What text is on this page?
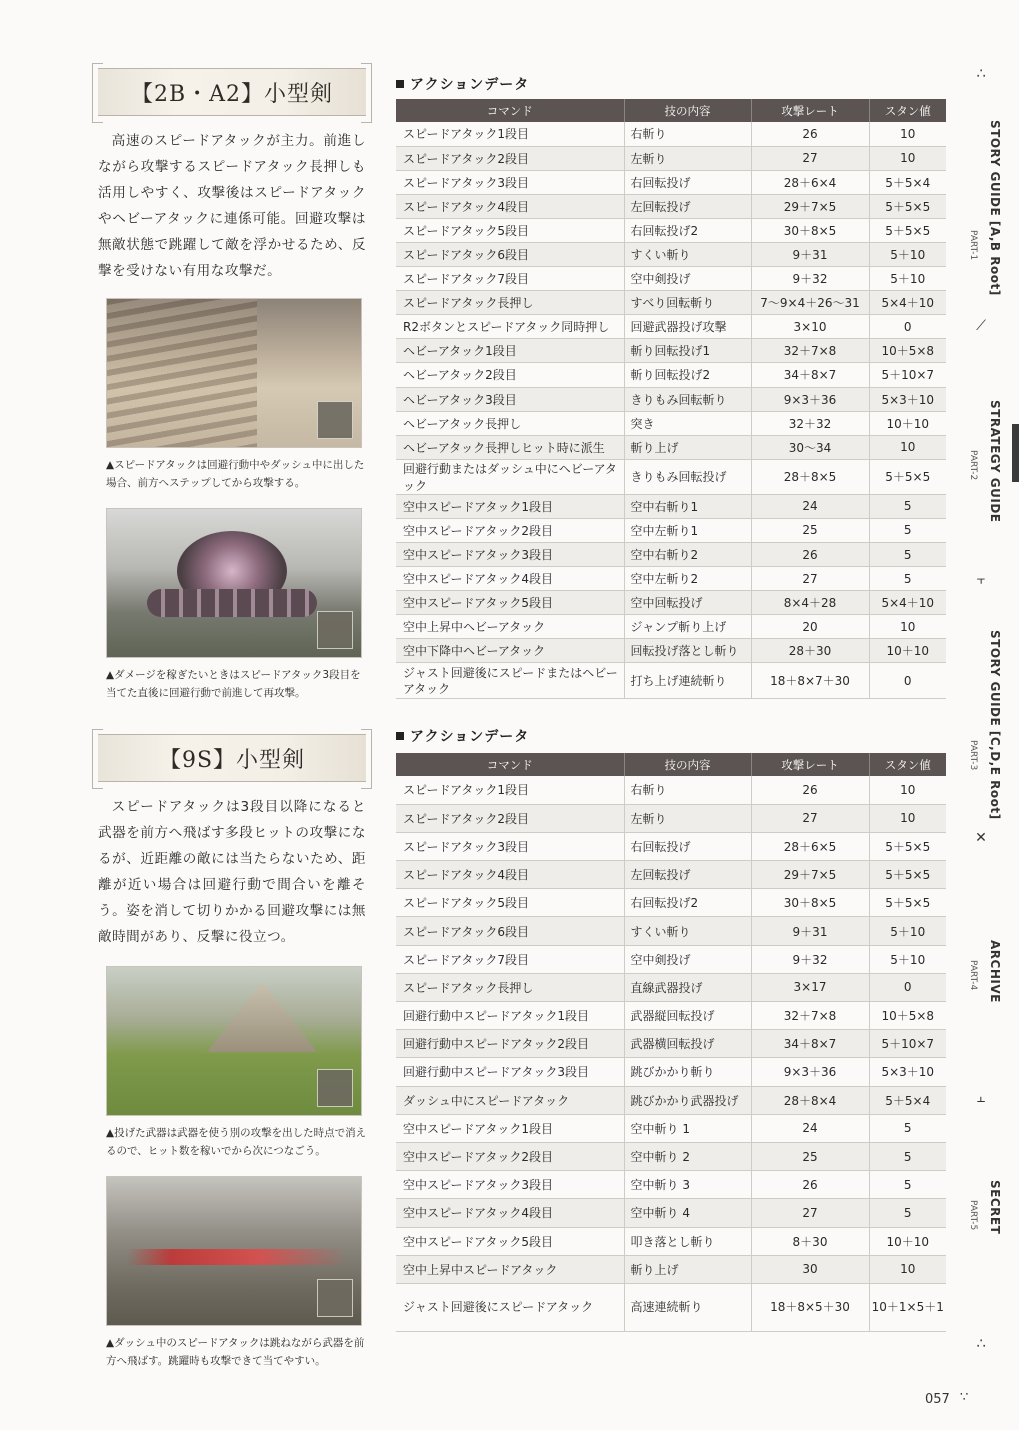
【2B・A2】小型剣

高速のスピードアタックが主力。前進しながら攻撃するスピードアタック長押しも活用しやすく、攻撃後はスピードアタックやヘビーアタックに連係可能。回避攻撃は無敵状態で跳躍して敵を浮かせるため、反撃を受けない有用な攻撃だ。

▲スピードアタックは回避行動中やダッシュ中に出した場合、前方へステップしてから攻撃する。

▲ダメージを稼ぎたいときはスピードアタック3段目を当てた直後に回避行動で前進して再攻撃。

【9S】小型剣

スピードアタックは3段目以降になると武器を前方へ飛ばす多段ヒットの攻撃になるが、近距離の敵には当たらないため、距離が近い場合は回避行動で間合いを離そう。姿を消して切りかかる回避攻撃には無敵時間があり、反撃に役立つ。

▲投げた武器は武器を使う別の攻撃を出した時点で消えるので、ヒット数を稼いでから次につなごう。

▲ダッシュ中のスピードアタックは跳ねながら武器を前方へ飛ばす。跳躍時も攻撃できて当てやすい。

アクションデータ
コマンド	技の内容	攻撃レート	スタン値
スピードアタック1段目	右斬り	26	10
スピードアタック2段目	左斬り	27	10
スピードアタック3段目	右回転投げ	28＋6×4	5＋5×4
スピードアタック4段目	左回転投げ	29＋7×5	5＋5×5
スピードアタック5段目	右回転投げ2	30＋8×5	5＋5×5
スピードアタック6段目	すくい斬り	9＋31	5＋10
スピードアタック7段目	空中剣投げ	9＋32	5＋10
スピードアタック長押し	すべり回転斬り	7〜9×4＋26〜31	5×4＋10
R2ボタンとスピードアタック同時押し	回避武器投げ攻撃	3×10	0
ヘビーアタック1段目	斬り回転投げ1	32＋7×8	10＋5×8
ヘビーアタック2段目	斬り回転投げ2	34＋8×7	5＋10×7
ヘビーアタック3段目	きりもみ回転斬り	9×3＋36	5×3＋10
ヘビーアタック長押し	突き	32＋32	10＋10
ヘビーアタック長押しヒット時に派生	斬り上げ	30〜34	10
回避行動またはダッシュ中にヘビーアタック	きりもみ回転投げ	28＋8×5	5＋5×5
空中スピードアタック1段目	空中右斬り1	24	5
空中スピードアタック2段目	空中左斬り1	25	5
空中スピードアタック3段目	空中右斬り2	26	5
空中スピードアタック4段目	空中左斬り2	27	5
空中スピードアタック5段目	空中回転投げ	8×4＋28	5×4＋10
空中上昇中ヘビーアタック	ジャンプ斬り上げ	20	10
空中下降中ヘビーアタック	回転投げ落とし斬り	28＋30	10＋10
ジャスト回避後にスピードまたはヘビーアタック	打ち上げ連続斬り	18＋8×7＋30	0
アクションデータ
コマンド	技の内容	攻撃レート	スタン値
スピードアタック1段目	右斬り	26	10
スピードアタック2段目	左斬り	27	10
スピードアタック3段目	右回転投げ	28＋6×5	5＋5×5
スピードアタック4段目	左回転投げ	29＋7×5	5＋5×5
スピードアタック5段目	右回転投げ2	30＋8×5	5＋5×5
スピードアタック6段目	すくい斬り	9＋31	5＋10
スピードアタック7段目	空中剣投げ	9＋32	5＋10
スピードアタック長押し	直線武器投げ	3×17	0
回避行動中スピードアタック1段目	武器縦回転投げ	32＋7×8	10＋5×8
回避行動中スピードアタック2段目	武器横回転投げ	34＋8×7	5＋10×7
回避行動中スピードアタック3段目	跳びかかり斬り	9×3＋36	5×3＋10
ダッシュ中にスピードアタック	跳びかかり武器投げ	28＋8×4	5＋5×4
空中スピードアタック1段目	空中斬り 1	24	5
空中スピードアタック2段目	空中斬り 2	25	5
空中スピードアタック3段目	空中斬り 3	26	5
空中スピードアタック4段目	空中斬り 4	27	5
空中スピードアタック5段目	叩き落とし斬り	8＋30	10＋10
空中上昇中スピードアタック	斬り上げ	30	10
ジャスト回避後にスピードアタック	高速連続斬り	18＋8×5＋30	10＋1×5＋1
∴
STORY GUIDE [A,B Root]
PART-1
⟋
STRATEGY GUIDE
PART-2
⫟
STORY GUIDE [C,D,E Root]
PART-3
✕
ARCHIVE
PART-4
⫠
SECRET
PART-5
∴
057 ∵
